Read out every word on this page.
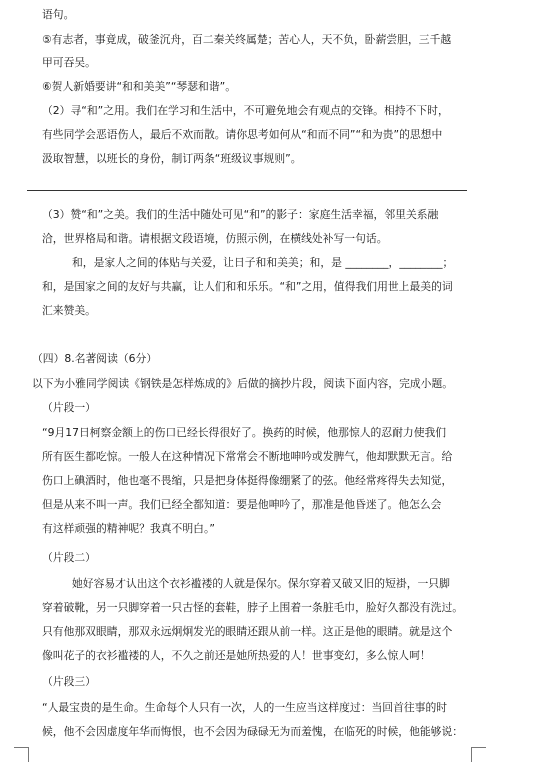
语句。
⑤有志者，事竟成，破釜沉舟，百二秦关终属楚；苦心人，天不负，卧薪尝胆，三千越
甲可吞吴。
⑥贺人新婚要讲“和和美美”“琴瑟和谐”。
（2）寻“和”之用。我们在学习和生活中，不可避免地会有观点的交锋。相持不下时，
有些同学会恶语伤人，最后不欢而散。请你思考如何从“和而不同”“和为贵”的思想中
汲取智慧，以班长的身份，制订两条“班级议事规则”。
（3）赞“和”之美。我们的生活中随处可见“和”的影子：家庭生活幸福，邻里关系融
洽，世界格局和谐。请根据文段语境，仿照示例，在横线处补写一句话。
和，是家人之间的体贴与关爱，让日子和和美美；和，是 ________，________；
和，是国家之间的友好与共赢，让人们和和乐乐。“和”之用，值得我们用世上最美的词
汇来赞美。
（四）8.名著阅读（6分）
以下为小雅同学阅读《钢铁是怎样炼成的》后做的摘抄片段，阅读下面内容，完成小题。
（片段一）
“9月17日柯察金额上的伤口已经长得很好了。换药的时候，他那惊人的忍耐力使我们
所有医生都吃惊。一般人在这种情况下常常会不断地呻吟或发脾气，他却默默无言。给
伤口上碘酒时，他也毫不畏缩，只是把身体挺得像绷紧了的弦。他经常疼得失去知觉，
但是从来不叫一声。我们已经全都知道：要是他呻吟了，那准是他昏迷了。他怎么会
有这样顽强的精神呢？我真不明白。”
（片段二）
她好容易才认出这个衣衫褴褛的人就是保尔。保尔穿着又破又旧的短褂，一只脚
穿着破靴，另一只脚穿着一只古怪的套鞋，脖子上围着一条脏毛巾，脸好久都没有洗过。
只有他那双眼睛，那双永远炯炯发光的眼睛还跟从前一样。这正是他的眼睛。就是这个
像叫花子的衣衫褴褛的人，不久之前还是她所热爱的人！世事变幻，多么惊人呵！
（片段三）
“人最宝贵的是生命。生命每个人只有一次，人的一生应当这样度过：当回首往事的时
候，他不会因虚度年华而悔恨，也不会因为碌碌无为而羞愧，在临死的时候，他能够说：
